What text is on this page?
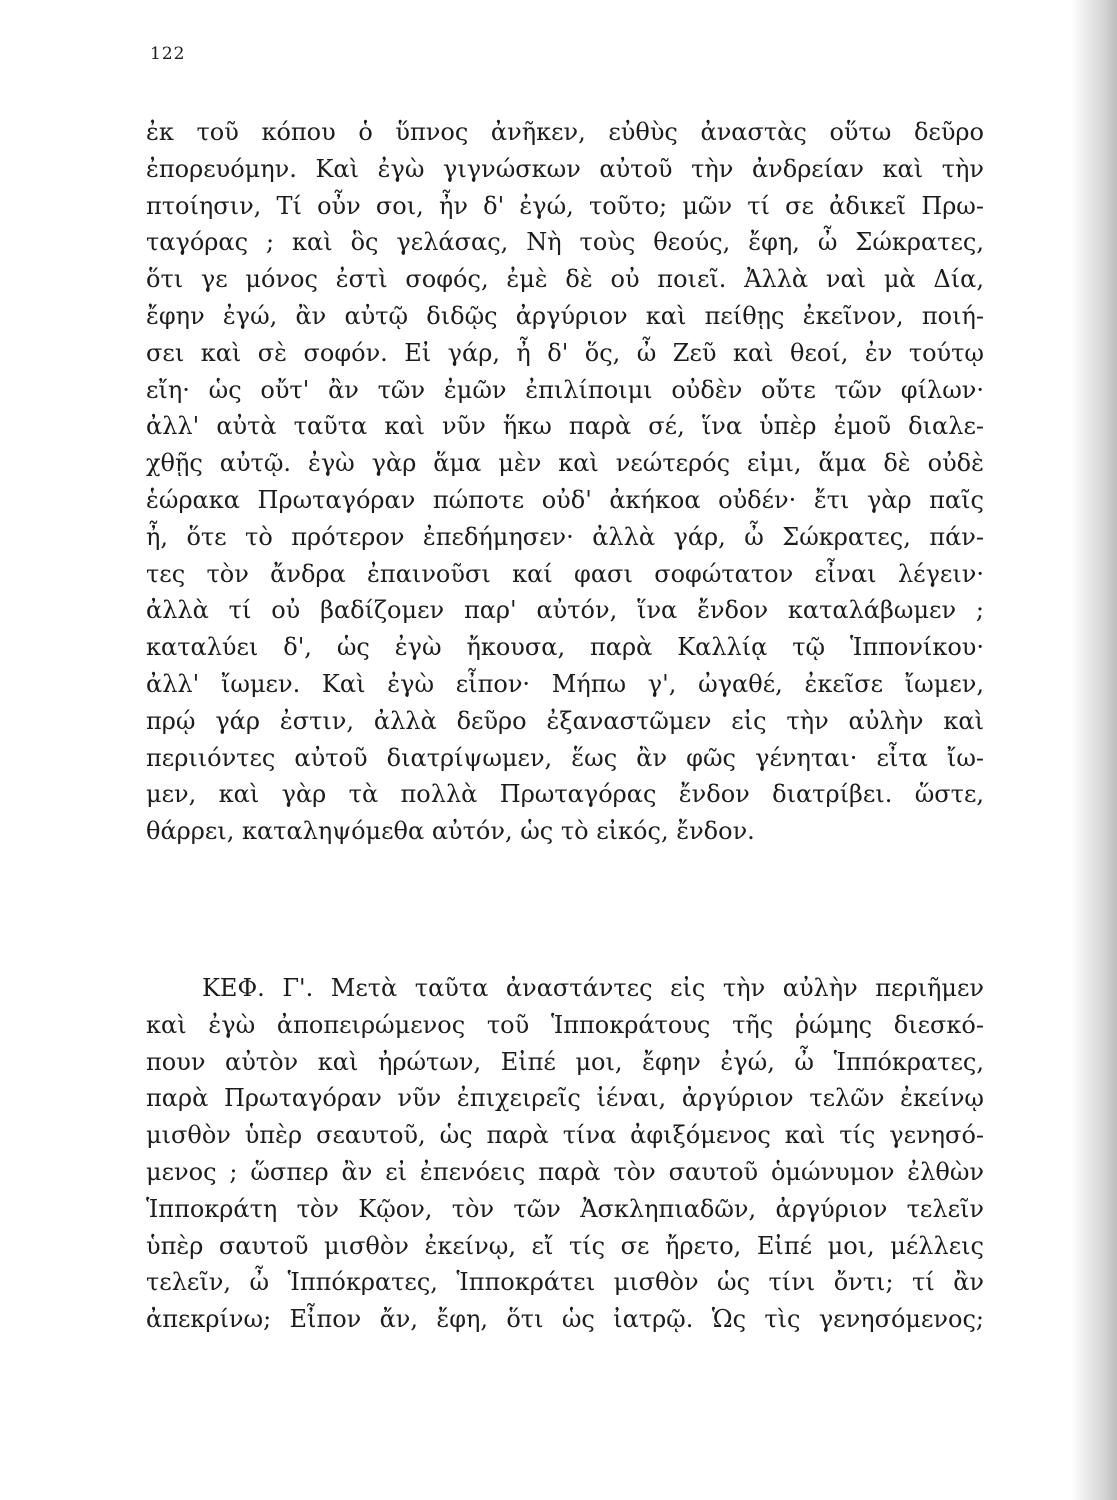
122
ἐκ τοῦ κόπου ὁ ὕπνος ἀνῆκεν, εὐθὺς ἀναστὰς οὕτω δεῦρο
ἐπορευόμην. Καὶ ἐγὼ γιγνώσκων αὐτοῦ τὴν ἀνδρείαν καὶ τὴν
πτοίησιν, Τί οὖν σοι, ἦν δ' ἐγώ, τοῦτο; μῶν τί σε ἀδικεῖ Πρω-
ταγόρας ; καὶ ὃς γελάσας, Νὴ τοὺς θεούς, ἔφη, ὦ Σώκρατες,
ὅτι γε μόνος ἐστὶ σοφός, ἐμὲ δὲ οὐ ποιεῖ. Ἀλλὰ ναὶ μὰ Δία,
ἔφην ἐγώ, ἂν αὐτῷ διδῷς ἀργύριον καὶ πείθῃς ἐκεῖνον, ποιή-
σει καὶ σὲ σοφόν. Εἰ γάρ, ἦ δ' ὅς, ὦ Ζεῦ καὶ θεοί, ἐν τούτῳ
εἴη· ὡς οὔτ' ἂν τῶν ἐμῶν ἐπιλίποιμι οὐδὲν οὔτε τῶν φίλων·
ἀλλ' αὐτὰ ταῦτα καὶ νῦν ἥκω παρὰ σέ, ἵνα ὑπὲρ ἐμοῦ διαλε-
χθῇς αὐτῷ. ἐγὼ γὰρ ἅμα μὲν καὶ νεώτερός εἰμι, ἅμα δὲ οὐδὲ
ἑώρακα Πρωταγόραν πώποτε οὐδ' ἀκήκοα οὐδέν· ἔτι γὰρ παῖς
ἦ, ὅτε τὸ πρότερον ἐπεδήμησεν· ἀλλὰ γάρ, ὦ Σώκρατες, πάν-
τες τὸν ἄνδρα ἐπαινοῦσι καί φασι σοφώτατον εἶναι λέγειν·
ἀλλὰ τί οὐ βαδίζομεν παρ' αὐτόν, ἵνα ἔνδον καταλάβωμεν ;
καταλύει δ', ὡς ἐγὼ ἤκουσα, παρὰ Καλλίᾳ τῷ Ἱππονίκου·
ἀλλ' ἴωμεν. Καὶ ἐγὼ εἶπον· Μήπω γ', ὠγαθέ, ἐκεῖσε ἴωμεν,
πρῴ γάρ ἐστιν, ἀλλὰ δεῦρο ἐξαναστῶμεν εἰς τὴν αὐλὴν καὶ
περιιόντες αὐτοῦ διατρίψωμεν, ἕως ἂν φῶς γένηται· εἶτα ἴω-
μεν, καὶ γὰρ τὰ πολλὰ Πρωταγόρας ἔνδον διατρίβει. ὥστε,
θάρρει, καταληψόμεθα αὐτόν, ὡς τὸ εἰκός, ἔνδον.
ΚΕΦ. Γ'. Μετὰ ταῦτα ἀναστάντες εἰς τὴν αὐλὴν περιῆμεν
καὶ ἐγὼ ἀποπειρώμενος τοῦ Ἱπποκράτους τῆς ῥώμης διεσκό-
πουν αὐτὸν καὶ ἠρώτων, Εἰπέ μοι, ἔφην ἐγώ, ὦ Ἱππόκρατες,
παρὰ Πρωταγόραν νῦν ἐπιχειρεῖς ἰέναι, ἀργύριον τελῶν ἐκείνῳ
μισθὸν ὑπὲρ σεαυτοῦ, ὡς παρὰ τίνα ἀφιξόμενος καὶ τίς γενησό-
μενος ; ὥσπερ ἂν εἰ ἐπενόεις παρὰ τὸν σαυτοῦ ὁμώνυμον ἐλθὼν
Ἱπποκράτη τὸν Κῷον, τὸν τῶν Ἀσκληπιαδῶν, ἀργύριον τελεῖν
ὑπὲρ σαυτοῦ μισθὸν ἐκείνῳ, εἴ τίς σε ἤρετο, Εἰπέ μοι, μέλλεις
τελεῖν, ὦ Ἱππόκρατες, Ἱπποκράτει μισθὸν ὡς τίνι ὄντι; τί ἂν
ἀπεκρίνω; Εἶπον ἄν, ἔφη, ὅτι ὡς ἰατρῷ. Ὡς τὶς γενησόμενος;
